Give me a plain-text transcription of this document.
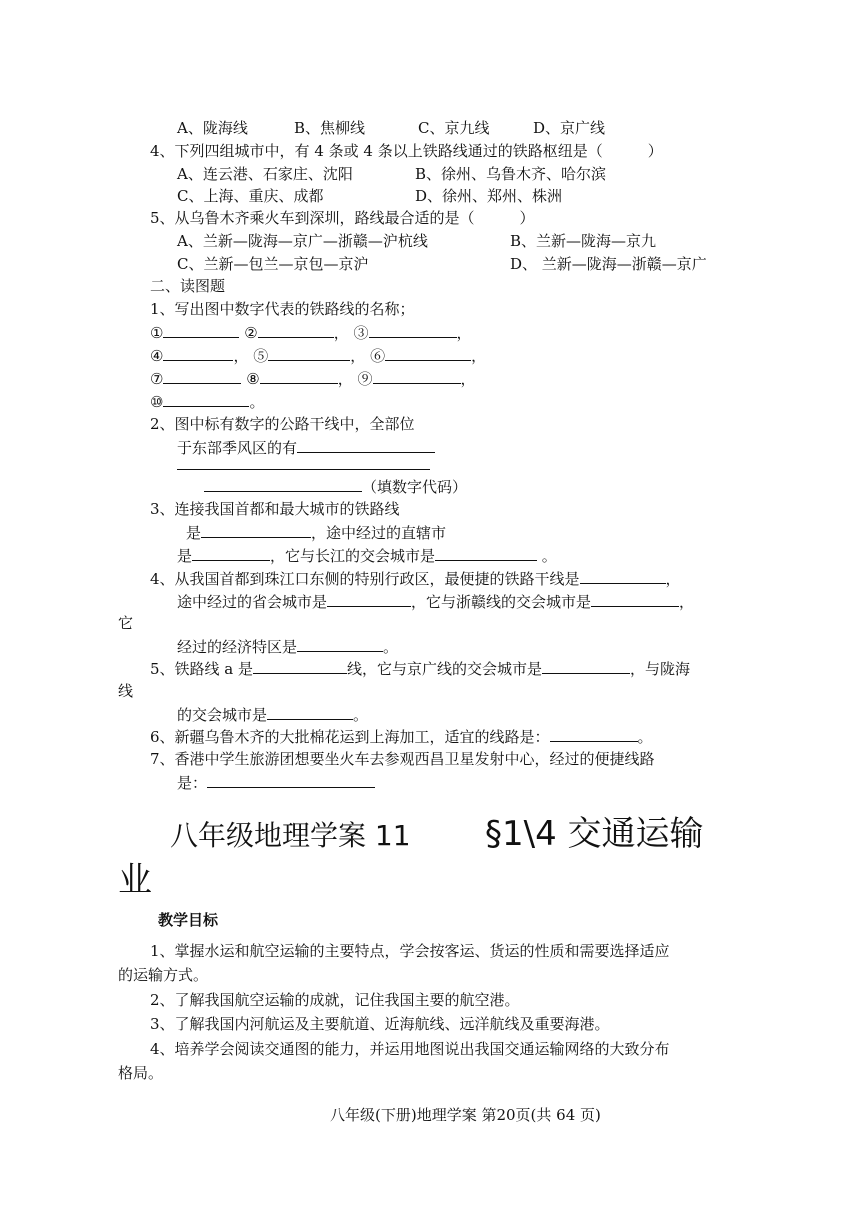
A、陇海线	B、焦柳线	C、京九线	D、京广线
4、下列四组城市中，有 4 条或 4 条以上铁路线通过的铁路枢纽是（　　　）
A、连云港、石家庄、沈阳	B、徐州、乌鲁木齐、哈尔滨
C、上海、重庆、成都	D、徐州、郑州、株洲
5、从乌鲁木齐乘火车到深圳，路线最合适的是（　　　）
A、兰新—陇海—京广—浙赣—沪杭线	B、兰新—陇海—京九
C、兰新—包兰—京包—京沪	D、 兰新—陇海—浙赣—京广
二、读图题
1、写出图中数字代表的铁路线的名称；
①	②	， ③	，
④	， ⑤	， ⑥	，
⑦	⑧	， ⑨	，
⑩	。
2、图中标有数字的公路干线中，全部位
于东部季风区的有
（填数字代码）
3、连接我国首都和最大城市的铁路线
是	，途中经过的直辖市
是	，它与长江的交会城市是	。
4、从我国首都到珠江口东侧的特别行政区，最便捷的铁路干线是	，
途中经过的省会城市是	，它与浙赣线的交会城市是	，
它
经过的经济特区是	。
5、铁路线 a 是	线，它与京广线的交会城市是	，与陇海
线
的交会城市是	。
6、新疆乌鲁木齐的大批棉花运到上海加工，适宜的线路是：	。
7、香港中学生旅游团想要坐火车去参观西昌卫星发射中心，经过的便捷线路
是：
八年级地理学案 11 §1\4 交通运输
业
教学目标
1、掌握水运和航空运输的主要特点，学会按客运、货运的性质和需要选择适应
的运输方式。
2、了解我国航空运输的成就，记住我国主要的航空港。
3、了解我国内河航运及主要航道、近海航线、远洋航线及重要海港。
4、培养学会阅读交通图的能力，并运用地图说出我国交通运输网络的大致分布
格局。
八年级(下册)地理学案 第20页(共 64 页)
